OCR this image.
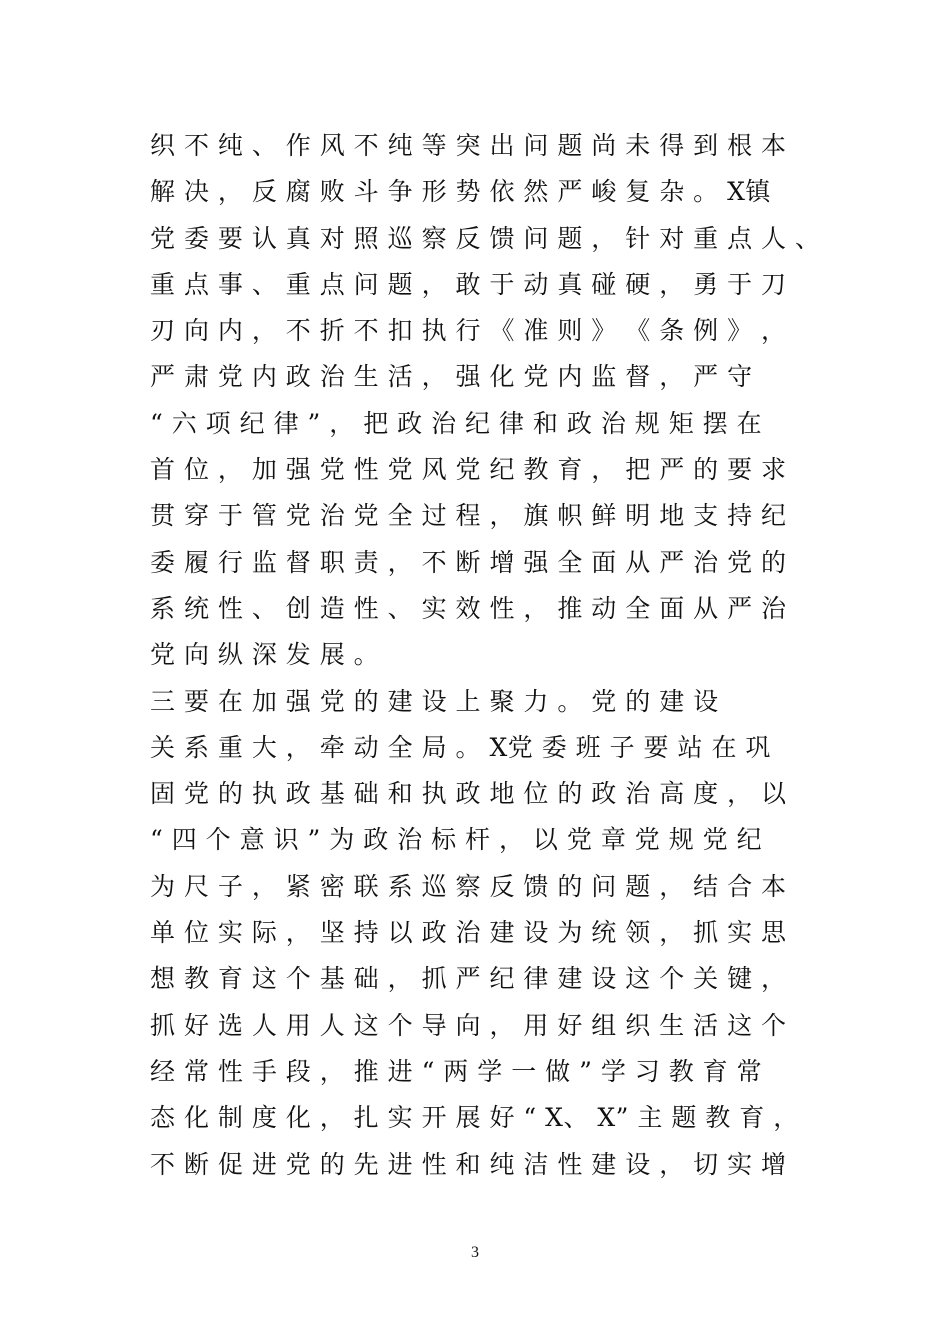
织 不 纯 、 作 风 不 纯 等 突 出 问 题 尚 未 得 到 根 本
解 决 ， 反 腐 败 斗 争 形 势 依 然 严 峻 复 杂 。 X镇
党 委 要 认 真 对 照 巡 察 反 馈 问 题 ， 针 对 重 点 人 、
重 点 事 、 重 点 问 题 ， 敢 于 动 真 碰 硬 ， 勇 于 刀
刃 向 内 ， 不 折 不 扣 执 行 《 准 则 》 《 条 例 》 ，
严 肃 党 内 政 治 生 活 ， 强 化 党 内 监 督 ， 严 守
“ 六 项 纪 律 ” ， 把 政 治 纪 律 和 政 治 规 矩 摆 在
首 位 ， 加 强 党 性 党 风 党 纪 教 育 ， 把 严 的 要 求
贯 穿 于 管 党 治 党 全 过 程 ， 旗 帜 鲜 明 地 支 持 纪
委 履 行 监 督 职 责 ， 不 断 增 强 全 面 从 严 治 党 的
系 统 性 、 创 造 性 、 实 效 性 ， 推 动 全 面 从 严 治
党 向 纵 深 发 展 。
三 要 在 加 强 党 的 建 设 上 聚 力 。 党 的 建 设
关 系 重 大 ， 牵 动 全 局 。 X党 委 班 子 要 站 在 巩
固 党 的 执 政 基 础 和 执 政 地 位 的 政 治 高 度 ， 以
“ 四 个 意 识 ” 为 政 治 标 杆 ， 以 党 章 党 规 党 纪
为 尺 子 ， 紧 密 联 系 巡 察 反 馈 的 问 题 ， 结 合 本
单 位 实 际 ， 坚 持 以 政 治 建 设 为 统 领 ， 抓 实 思
想 教 育 这 个 基 础 ， 抓 严 纪 律 建 设 这 个 关 键 ，
抓 好 选 人 用 人 这 个 导 向 ， 用 好 组 织 生 活 这 个
经 常 性 手 段 ， 推 进 “ 两 学 一 做 ” 学 习 教 育 常
态 化 制 度 化 ， 扎 实 开 展 好 “ X、 X” 主 题 教 育 ，
不 断 促 进 党 的 先 进 性 和 纯 洁 性 建 设 ， 切 实 增
3
